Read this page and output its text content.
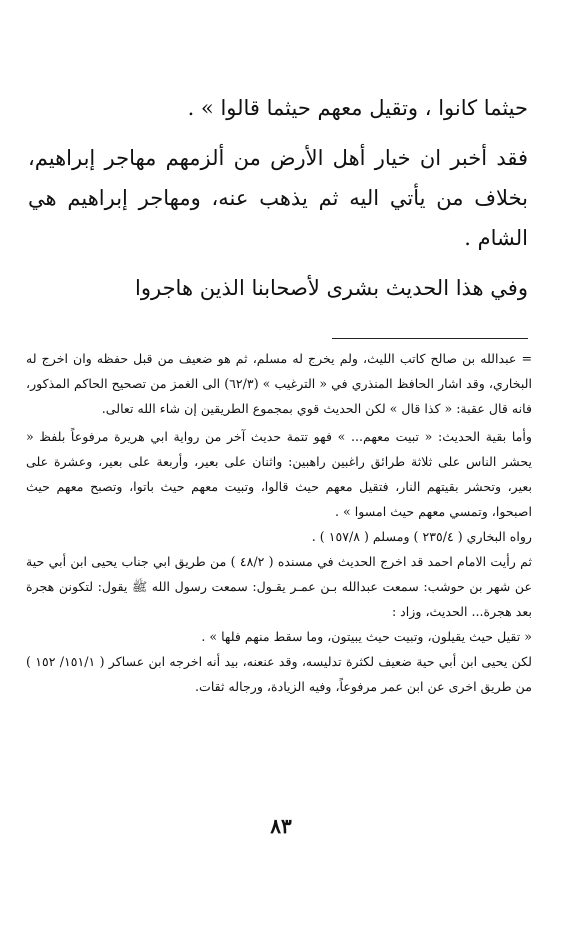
حيثما كانوا ، وتقيل معهم حيثما قالوا » .

فقد أخبر ان خيار أهل الأرض من ألزمهم مهاجر إبراهيم، بخلاف من يأتي اليه ثم يذهب عنه، ومهاجر إبراهيم هي الشام .

وفي هذا الحديث بشرى لأصحابنا الذين هاجروا

= عبدالله بن صالح كاتب الليث، ولم يخرج له مسلم، ثم هو ضعيف من قبل حفظه وان اخرج له البخاري، وقد اشار الحافظ المنذري في « الترغيب » (٦٢/٣) الى الغمز من تصحيح الحاكم المذكور، فانه قال عقبة: « كذا قال » لكن الحديث قوي بمجموع الطريقين إن شاء الله تعالى.

وأما بقية الحديث: « تبيت معهم... » فهو تتمة حديث آخر من رواية ابي هريرة مرفوعاً بلفظ « يحشر الناس على ثلاثة طرائق راغبين راهبين: واثنان على بعير، وأربعة على بعير، وعشرة على بعير، وتحشر بقيتهم النار، فتقيل معهم حيث قالوا، وتبيت معهم حيث باتوا، وتصبح معهم حيث اصبحوا، وتمسي معهم حيث امسوا » .

رواه البخاري ( ٢٣٥/٤ ) ومسلم ( ١٥٧/٨ ) .

ثم رأيت الامام احمد قد اخرج الحديث في مسنده ( ٤٨/٢ ) من طريق ابي جناب يحيى ابن أبي حية عن شهر بن حوشب: سمعت عبدالله بـن عمـر يقـول: سمعت رسول الله ﷺ يقول: لتكونن هجرة بعد هجرة... الحديث، وزاد :

« تقيل حيث يقيلون، وتبيت حيث يبيتون، وما سقط منهم فلها » .

لكن يحيى ابن أبي حية ضعيف لكثرة تدليسه، وقد عنعنه، بيد أنه اخرجه ابن عساكر ( ١٥١/١/ ١٥٢ ) من طريق اخرى عن ابن عمر مرفوعاً، وفيه الزيادة، ورجاله ثقات.

٨٣
